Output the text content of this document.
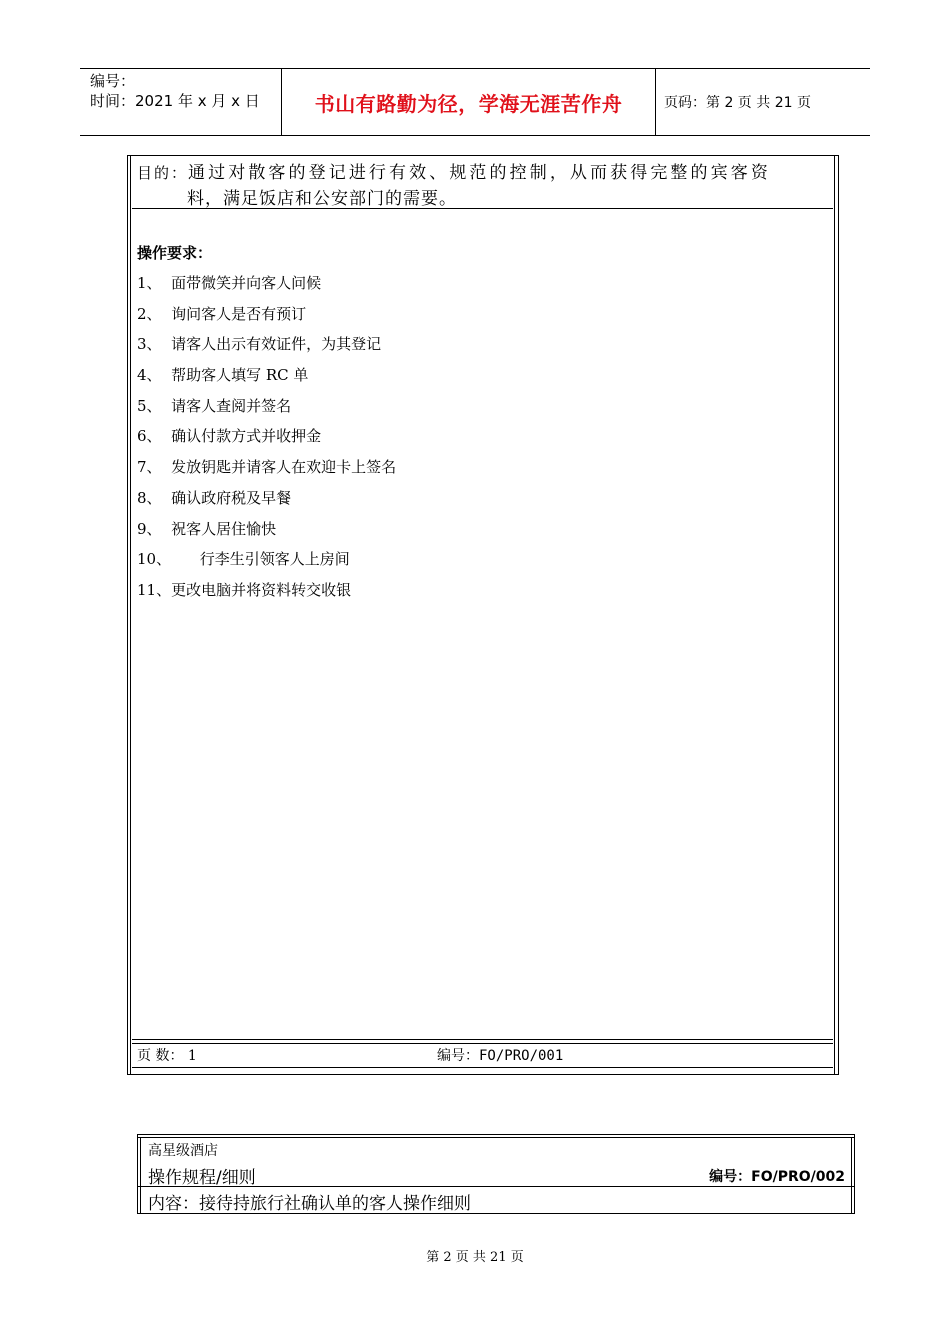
编号：
时间：2021 年 x 月 x 日	书山有路勤为径，学海无涯苦作舟	页码：第 2 页 共 21 页
目的：通过对散客的登记进行有效、规范的控制，从而获得完整的宾客资
料，满足饭店和公安部门的需要。
操作要求：
1、  面带微笑并向客人问候
2、  询问客人是否有预订
3、  请客人出示有效证件，为其登记
4、  帮助客人填写 RC 单
5、  请客人查阅并签名
6、  确认付款方式并收押金
7、  发放钥匙并请客人在欢迎卡上签名
8、  确认政府税及早餐
9、  祝客人居住愉快
10、      行李生引领客人上房间
11、更改电脑并将资料转交收银
页 数： 1	编号：FO/PRO/001
高星级酒店
操作规程/细则	编号：FO/PRO/002
内容：接待持旅行社确认单的客人操作细则
第 2 页 共 21 页
